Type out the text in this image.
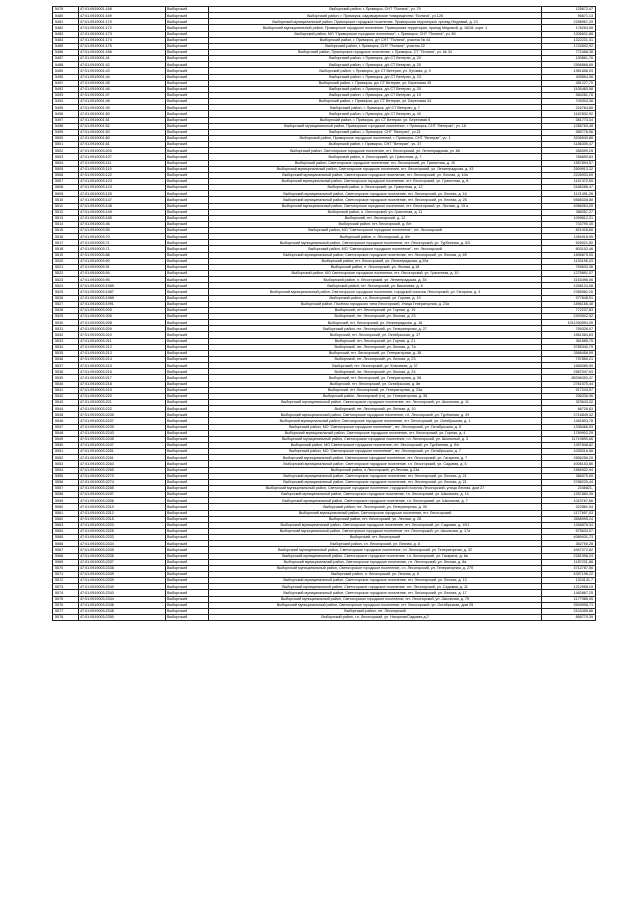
5479	47:01:0919001:168	Выборгский	Выборгский район, г. Приморск, СНТ "Поляна", уч. 79	125672,47
5480	47:01:0919001:169	Выборгский	Выборгский район, г. Приморск, садоводческое товарищество "Поляна", уч.126	96671,13
5481	47:01:0919001:170	Выборгский	Выборгский муниципальный район, Приморское городское поселение, Приморская территория, проезд Медовый, д. 23	2298967,29
5482	47:01:0919001:172	Выборгский	Выборгский муниципальный район, Приморское городское поселение, Приморская территория, проезд Медовый, д. 16/28, корп. 1	178264,08
5483	47:01:0919001:173	Выборгский	Выборгский район, МО "Приморское городское поселение", г. Приморск, СНТ "Поляна", уч. 80	1206631,88
5484	47:01:0919001:174	Выборгский	Выборгский район, г. Приморск, д/т СНТ "Поляна", участок № 44	1322231,41
5485	47:01:0919001:175	Выборгский	Выборгский район, г. Приморск, СНТ "Поляна", участок 22	1742892,92
5486	47:01:0919001:186	Выборгский	Выборгский район, Приморское городское поселение, г. Приморск, СТ "Поляна", уч. № 34	772468,38
5487	47:01:0919001:41	Выборгский	Выборгский район, г. Приморск, д/с СТ Ветеран, д. 20	130861,76
5488	47:01:0919001:42	Выборгский	Выборгский район, г. Приморск, д/с СТ Ветеран, д. 25	2556868,65
5489	47:01:0919001:43	Выборгский	Выборгский район, г. Приморск, д/с СТ Ветеран, ул. Луговая, д. 9	1961856,93
5490	47:01:0919001:44	Выборгский	Выборгский район, г. Приморск, д/с СТ Ветеран, д. 23	405894,08
5491	47:01:0919001:45	Выборгский	Выборгский район, г. Приморск, д/с СТ Ветеран, ул. Береговая 35	481227,70
5492	47:01:0919001:46	Выборгский	Выборгский район, г. Приморск, д/с СТ Ветеран, д. 25	1105483,58
5493	47:01:0919001:47	Выборгский	Выборгский район, г. Приморск, д/с СТ Ветеран, д. 19	584281,78
5494	47:01:0919001:48	Выборгский	Выборгский район, г. Приморск, д/с СТ Ветеран, ул. Береговая 34	749303,38
5495	47:01:0919001:49	Выборгский	Выборгский район, г. Приморск, д/с СТ Ветеран, д. 7	216764,85
5496	47:01:0919001:50	Выборгский	Выборгский район, г. Приморск, д/с СТ Ветеран, д. 40	1167802,92
5497	47:01:0919001:51	Выборгский	Выборгский район, г. Приморск, д/с СТ Ветеран, ул. Береговая 6	381773,34
5498	47:01:0919001:52	Выборгский	Выборгский муниципальный район, Приморское городское поселение, г. Приморск, СНТ "Ветеран", уч. 18	1285783,48
5499	47:01:0919001:53	Выборгский	Выборгский район, г. Приморск, СНТ "Ветеран", уч.21	585776,56
5500	47:01:0919001:60	Выборгский	Выборгский район, Приморское городское поселение, г. Приморск, СНТ "Ветеран", уч. 1	3208949,88
5501	47:01:0919001:61	Выборгский	Выборгский район, г. Приморск, СНТ "Ветеран", уч. 37	1186305,47
5502	47:01:0919003:203	Выборгский	Выборгский район, Светогорское городское поселение, пгт. Лесогорский, ул. Ленинградская, уч. 86	358399,25
5503	47:01:0919003:107	Выборгский	Выборгский район, п. Лесогорский, ул. Гранитная, д. 7	766859,83
5504	47:01:0919003:111	Выборгский	Выборгский район, Светогорское городское поселение, пгт. Лесогорский, ул. Гранитная, д. 10	1557894,57
5505	47:01:0919003:119	Выборгский	Выборгский муниципальный район, Светогорское городское поселение, пгт. Лесогорский, ул. Ленинградская, д. 43	2509913,32
5506	47:01:0919003:122	Выборгский	Выборгский муниципальный район, Светогорское городское поселение, пгт. Лесогорский, ул. Лесная, д. 10а	2226903,69
5507	47:01:0919003:123	Выборгский	Выборгский муниципальный район, Светогорское городское поселение, пгт. Лесогорский, ул. Гранитная, д. 8	1167472,65
5508	47:01:0919003:124	Выборгский	Выборгский район, п. Лесогорский, ул. Гранитная, д. 12	3186288,47
5509	47:01:0919003:125	Выборгский	Выборгский муниципальный район, Светогорское городское поселение, пгт. Лесогорский, ул. Лесная, д. 16	1121491,26
5510	47:01:0919003:147	Выборгский	Выборгский муниципальный район, Светогорское городское поселение, пгт. Лесогорский, ул. Лесная, д. 25	5568338,88
5511	47:01:0919003:148	Выборгский	Выборгский муниципальный район, Светогорское городское поселение, пгт. Лесогорский, ул. Лесная, д. 15 а	4066063,05
5512	47:01:0919003:149	Выборгский	Выборгский район, п. Лесогорский, ул. Гранитная, д. 11	386357,27
5513	47:01:0919003:185	Выборгский	Выборгский, пгт. Лесогорский, д. 12	1099812,31
5514	47:01:0919003:46	Выборгский	Выборгский район, пгт. Лесогорский, д. б/н	733790,35
5515	47:01:0919003:55	Выборгский	Выборгский район, МО "Светогорское городское поселение", пгт. Лесогорский	821928,66
5516	47:01:0919003:70	Выборгский	Выборгский район, п. Лесогорский, д. б/н	1264918,95
5517	47:01:0919003:71	Выборгский	Выборгский муниципальный район, Светогорское городское поселение, пгт. Лесогорский, ул. Турбинная, д. 5/3	529021,50
5518	47:01:0919003:71	Выборгский	Выборгский район, МО "Светогорское городское поселение", пгт. Лесогорский	803102,46
5519	47:01:0919003:88	Выборгский	Выборгский муниципальный район, Светогорское городское поселение, пгт. Лесогорский, ул. Лесная, д. 6б	1898875,05
5520	47:01:0919003:90	Выборгский	Выборгский район, пгт. Лесогорский, ул. Ленинградская, д.20а	1153196,03
5521	47:01:0919003:91	Выборгский	Выборгский район, п. Лесогорский, ул. Лесная, д.18	759533,36
5522	47:01:0919003:94	Выборгский	Выборгский район, МО Светогорское городское поселение, пгт. Лесогорский, ул. Гранитная, д. 10	1275891,07
5523	47:01:0919003:95	Выборгский	Выборгский район, п. Лесогорский, ул. Ленинградская, д. 35	3153496,06
5524	47:01:0919003:1985	Выборгский	Выборгский район, пгт. Лесогорский, ул. Вишневая, д. 8	1258124,08
5525	47:01:0919003:1987	Выборгский	Выборгский муниципальный район, Светогорское городское поселение, городской поселок Лесогорский, ул. Гагарина, д. 3	2356582,26
5526	47:01:0919003:1989	Выборгский	Выборгский район, г.п. Лесогорский, ул. Горная, д. 19	377848,91
5527	47:01:0919003:1991	Выборгский	Выборгский район, Посёлок городского типа Лесогорский, Улица Генераторная, д. 23а	1896166,48
5528	47:01:0919003:205	Выборгский	Выборгский, пгт. Лесогорский, ул. Горная, д. 19	772237,83
5529	47:01:0919003:206	Выборгский	Выборгский, пгт. Лесогорский, ул. Лесная, д. 23	2493502,92
5530	47:01:0919003:208	Выборгский	Выборгский, пгт. Лесогорский, ул. Ленинградская, д. 18	1011390594,29
5531	47:01:0919003:209	Выборгский	Выборгский район, пгт. Лесогорский, ул. Генераторная, д. 27	759326,07
5532	47:01:0919003:210	Выборгский	Выборгский, пгт. Лесогорский, ул. Октябрьская, д. 37	1561584,63
5533	47:01:0919003:211	Выборгский	Выборгский, пгт. Лесогорский, ул. Горная, д. 21	361685,75
5534	47:01:0919003:212	Выборгский	Выборгский, пгт. Лесогорский, ул. Лесная, д. 7а	3785340,79
5535	47:01:0919003:213	Выборгский	Выборгский, пгт. Лесогорский, ул. Генераторная, д. 38	3568458,09
5536	47:01:0919003:214	Выборгский	Выборгский, пгт. Лесогорский, ул. Лесная, д. 23	737850,21
5537	47:01:0919003:215	Выборгский	Выборгский, пгт. Лесогорский, ул. Ключевая, д. 37	1568385,99
5538	47:01:0919003:216	Выборгский	Выборгский, пгт. Лесогорский, ул. Лесная, д. 24	2587047,93
5539	47:01:0919003:217	Выборгский	Выборгский, пгт. Лесогорский, ул. Генераторная, д. 38	85396353,47
5540	47:01:0919003:218	Выборгский	Выборгский, пгт. Лесогорский, ул. Октябрьская, д. 8в	2761575,44
5541	47:01:0919003:219	Выборгский	Выборгский, пгт. Лесогорский, ул. Генераторная, д. 23а	917243,97
5542	47:01:0919003:220	Выборгский	Выборгский район, Лесогорский (г.п), ул. Генераторная, д. 36	296336,96
5543	47:01:0919003:221	Выборгский	Выборгский муниципальный район, Светогорское городское поселение, пгт. Лесогорский, ул. Школьная, д. 11	323643,32
5544	47:01:0919003:222	Выборгский	Выборгский, пгт. Лесогорский, ул. Лесная, д. 10	66726,63
5545	47:01:0919003:2235	Выборгский	Выборгский муниципальный район, Светогорское городское поселение, г.п. Лесогорский, ул. Турбинная, д. 29	2716849,32
5546	47:01:0919003:2237	Выборгский	Выборгский муниципальный район, Светогорское городское поселение, пгт. Лесогорский, ул. Октябрьская, д. 1	1461803,78
5547	47:01:0919003:2239	Выборгский	Выборгский район, МО "Светогорское городское поселение", пгт. Лесогорский, ул. Октябрьская, д. 8	1338466,53
5548	47:01:0919003:2243	Выборгский	Выборгский муниципальный район, Светогорское городское поселение, пгт. Лесогорский, ул. Горная, д. 4	1769902,29
5549	47:01:0919003:2245	Выборгский	Выборгский муниципальный район, Светогорское городское поселение, г.п. Лесогорский, ул. Школьный, д. 3	11719890,66
5550	47:01:0919003:2247	Выборгский	Выборгский район, МО Светогорское городское поселение, пгт. Лесогорский, ул. Турбинная, д. б/н	1497848,82
5551	47:01:0919003:2251	Выборгский	Выборгский район, МО "Светогорское городское поселение", пгт. Лесогорский, ул. Октябрьская, д. 7	1028316,58
5552	47:01:0919003:2261	Выборгский	Выборгский муниципальный район, Светогорское городское поселение, пгт. Лесогорский, ул. Гагарина, д. 7	2656256,20
5553	47:01:0919003:2263	Выборгский	Выборгский муниципальный район, Светогорское городское поселение, г.п. Лесогорский, ул. Садовая, д. 5	4008153,86
5554	47:01:0919003:2265	Выборгский	Выборгский район, п.Лесогорский, ул.Лесная, д.23а	1666932,94
5555	47:01:0919003:2273	Выборгский	Выборгский муниципальный район, Светогорское городское поселение, пгт. Лесогорский, ул. Лесная, д. 21	386575,65
5556	47:01:0919003:2274	Выборгский	Выборгский муниципальный район, Светогорское городское поселение, пгт. Лесогорский, ул. Лесная, д. 21	3788225,44
5557	47:01:0919003:2285	Выборгский	Выборгский муниципальный район, Светогорское городское поселение, городской поселок Лесогорский, улица Лесная, дом 27	2346821,
5558	47:01:0919003:2297	Выборгский	Выборгский муниципальный район, Светогорское городское поселение, г.п. Лесогорский, ул. Школьная, д. 14	1257880,35
5559	47:01:0919003:2306	Выборгский	Выборгский муниципальный район, Светогорское городское поселение, г.п. Лесогорский, ул. Школьная, д. 7	1015767,66
5560	47:01:0919003:2310	Выборгский	Выборгский район, пгт. Лесогорский, ул. Генераторная, д. 30	322881,94
5561	47:01:0919003:2312	Выборгский	Выборгский муниципальный район, Светогорское городское поселение, пгт. Лесогорский	1177657,03
5562	47:01:0919003:2315	Выборгский	Выборгский район, пгт. Лесогорский, ул. Лесная, д. 26	3658995,24
5563	47:01:0919003:2323	Выборгский	Выборгский муниципальный район, Светогорское городское поселение, пгт. Лесогорский, ул. Садовая, д. 15/1	1346878,34
5564	47:01:0919003:2328	Выборгский	Выборгский муниципальный район, Светогорское городское поселение, пгт. Лесогорский, ул. Школьная, д. 17а	575633,07
5565	47:01:0919003:2333	Выборгский	Выборгский, пгт. Лесогорский	4089431,73
5566	47:01:0919003:2334	Выборгский	Выборгский район, г.п. Лесогорский, ул. Лесная, д. 8	382750,28
5567	47:01:0919003:2335	Выборгский	Выборгский муниципальный район, Светогорское городское поселение, г.п. Лесогорский, ул. Генераторная, д. 32	4947272,82
5568	47:01:0919003:2336	Выборгский	Выборгский муниципальный район, Светогорское городское поселение, г.п. Лесогорский, ул. Гагарина, д. 8а	2281998,24
5569	47:01:0919003:2337	Выборгский	Выборгский муниципальный район, Светогорское городское поселение, г.п. Лесогорский, ул. Лесная, д. 8а	1187231,88
5570	47:01:0919003:2338	Выборгский	Выборгский муниципальный район, Светогорское городское поселение, г.п. Лесогорский, ул. Генераторная, д. 27б	3712787,56
5571	47:01:0919003:2339	Выборгский	Выборгский район, п. Лесогорский, ул. Лесная, д. 8	4397196,22
5572	47:01:0919003:2339	Выборгский	Выборгский муниципальный район, Светогорское городское поселение, пгт. Лесогорский, ул. Лесная, д. 13	1324131,7
5573	47:01:0919003:2340	Выборгский	Выборгский муниципальный район, Светогорское городское поселение, пгт. Лесогорский, ул. Садовая, д. 11	1212958,15
5574	47:01:0919003:2343	Выборгский	Выборгский муниципальный район, Светогорское городское поселение, пгт. Лесогорский, ул. Лесная, д. 17	1482867,25
5575	47:01:0919003:2344	Выборгский	Выборгский муниципальный район, Светогорское городское поселение, пгт. Лесогорский, ул. Школьная, д. 7б	1177985,05
5576	47:01:0919003:2346	Выборгский	Выборгский муниципальный район, Светогорское городское поселение, пгт. Лесогорский, ул. Октябрьская, дом 25	3549998,73
5577	47:01:0919003:2348	Выборгский	Выборгский район, пгт. Лесогорский	3103455,86
5578	47:01:0919003:2350	Выборгский	Выборгский район, г.п. Лесогорский, ул. Нагорная/Садовая д.2	858770,39
